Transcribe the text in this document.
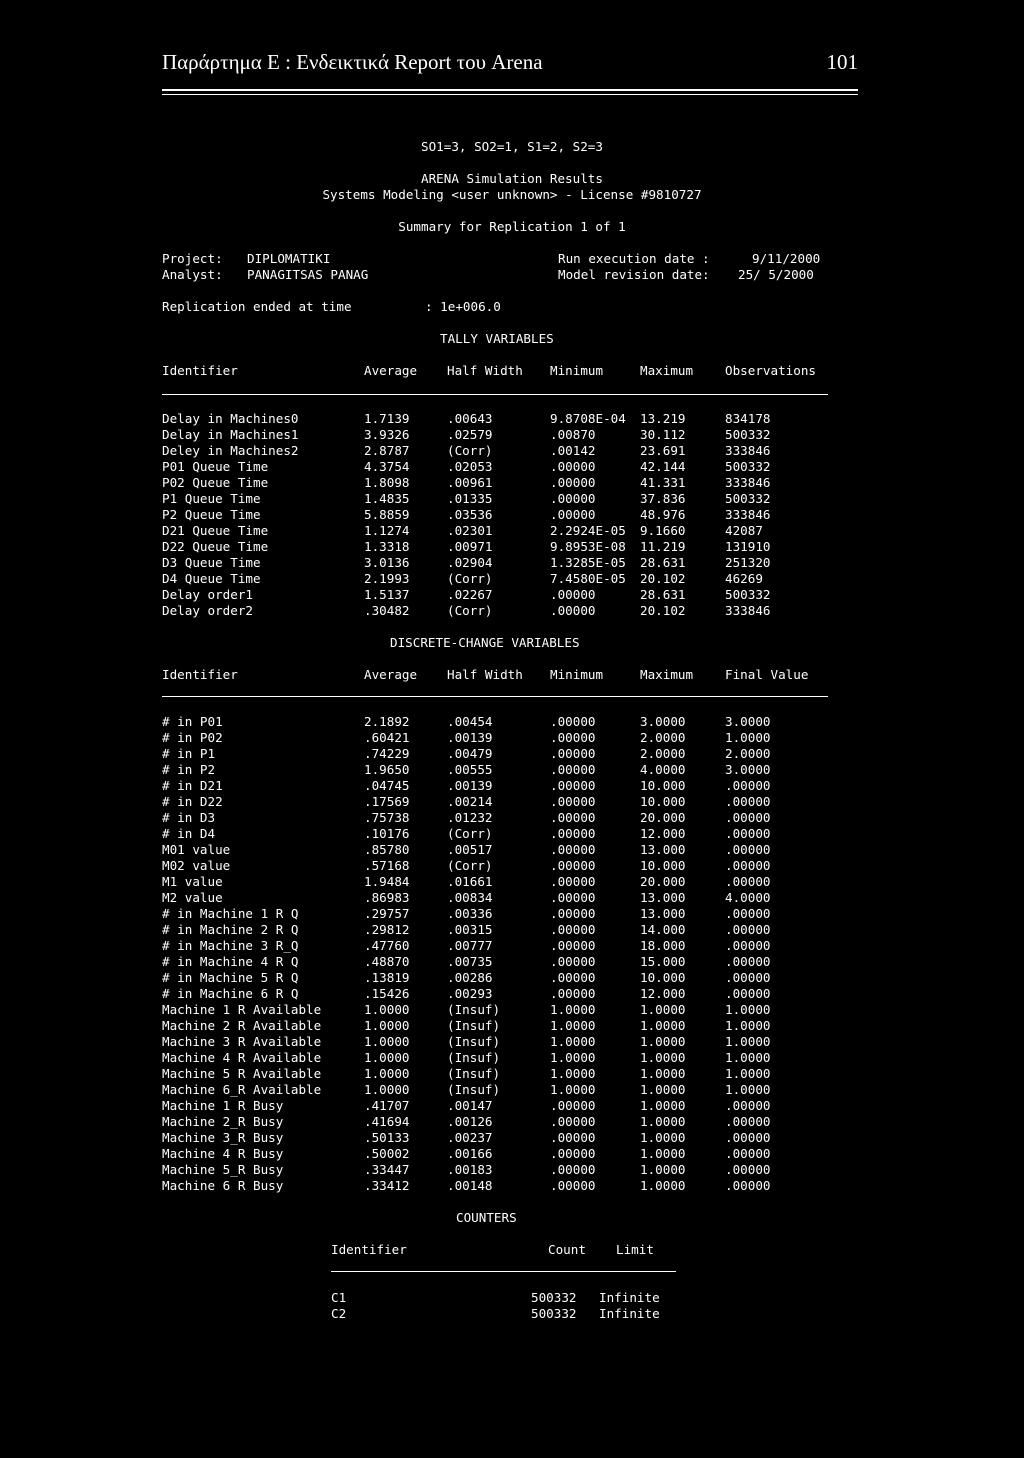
Παράρτημα Ε : Ενδεικτικά Report του Arena	101
SO1=3, SO2=1, S1=2, S2=3
ARENA Simulation Results
Systems Modeling <user unknown> - License #9810727
Summary for Replication 1 of 1
Project: DIPLOMATIKI	Run execution date :	9/11/2000
Analyst: PANAGITSAS PANAG	Model revision date: 25/ 5/2000
Replication ended at time	: 1e+006.0
TALLY VARIABLES
Identifier	Average	Half Width	Minimum	Maximum	Observations
Delay in Machines0	1.7139	.00643	9.8708E-04	13.219	834178
Delay in Machines1	3.9326	.02579	.00870	30.112	500332
Deley in Machines2	2.8787	(Corr)	.00142	23.691	333846
P01 Queue Time	4.3754	.02053	.00000	42.144	500332
P02 Queue Time	1.8098	.00961	.00000	41.331	333846
P1 Queue Time	1.4835	.01335	.00000	37.836	500332
P2 Queue Time	5.8859	.03536	.00000	48.976	333846
D21 Queue Time	1.1274	.02301	2.2924E-05	9.1660	42087
D22 Queue Time	1.3318	.00971	9.8953E-08	11.219	131910
D3 Queue Time	3.0136	.02904	1.3285E-05	28.631	251320
D4 Queue Time	2.1993	(Corr)	7.4580E-05	20.102	46269
Delay order1	1.5137	.02267	.00000	28.631	500332
Delay order2	.30482	(Corr)	.00000	20.102	333846
DISCRETE-CHANGE VARIABLES
Identifier	Average	Half Width	Minimum	Maximum	Final Value
# in P01	2.1892	.00454	.00000	3.0000	3.0000
# in P02	.60421	.00139	.00000	2.0000	1.0000
# in P1	.74229	.00479	.00000	2.0000	2.0000
# in P2	1.9650	.00555	.00000	4.0000	3.0000
# in D21	.04745	.00139	.00000	10.000	.00000
# in D22	.17569	.00214	.00000	10.000	.00000
# in D3	.75738	.01232	.00000	20.000	.00000
# in D4	.10176	(Corr)	.00000	12.000	.00000
M01 value	.85780	.00517	.00000	13.000	.00000
M02 value	.57168	(Corr)	.00000	10.000	.00000
M1 value	1.9484	.01661	.00000	20.000	.00000
M2 value	.86983	.00834	.00000	13.000	4.0000
# in Machine 1 R Q	.29757	.00336	.00000	13.000	.00000
# in Machine 2 R Q	.29812	.00315	.00000	14.000	.00000
# in Machine 3 R_Q	.47760	.00777	.00000	18.000	.00000
# in Machine 4 R Q	.48870	.00735	.00000	15.000	.00000
# in Machine 5 R Q	.13819	.00286	.00000	10.000	.00000
# in Machine 6 R Q	.15426	.00293	.00000	12.000	.00000
Machine 1 R Available	1.0000	(Insuf)	1.0000	1.0000	1.0000
Machine 2 R Available	1.0000	(Insuf)	1.0000	1.0000	1.0000
Machine 3 R Available	1.0000	(Insuf)	1.0000	1.0000	1.0000
Machine 4 R Available	1.0000	(Insuf)	1.0000	1.0000	1.0000
Machine 5 R Available	1.0000	(Insuf)	1.0000	1.0000	1.0000
Machine 6_R Available	1.0000	(Insuf)	1.0000	1.0000	1.0000
Machine 1 R Busy	.41707	.00147	.00000	1.0000	.00000
Machine 2_R Busy	.41694	.00126	.00000	1.0000	.00000
Machine 3_R Busy	.50133	.00237	.00000	1.0000	.00000
Machine 4 R Busy	.50002	.00166	.00000	1.0000	.00000
Machine 5_R Busy	.33447	.00183	.00000	1.0000	.00000
Machine 6 R Busy	.33412	.00148	.00000	1.0000	.00000
COUNTERS
Identifier	Count	Limit
C1	500332	Infinite
C2	500332	Infinite
